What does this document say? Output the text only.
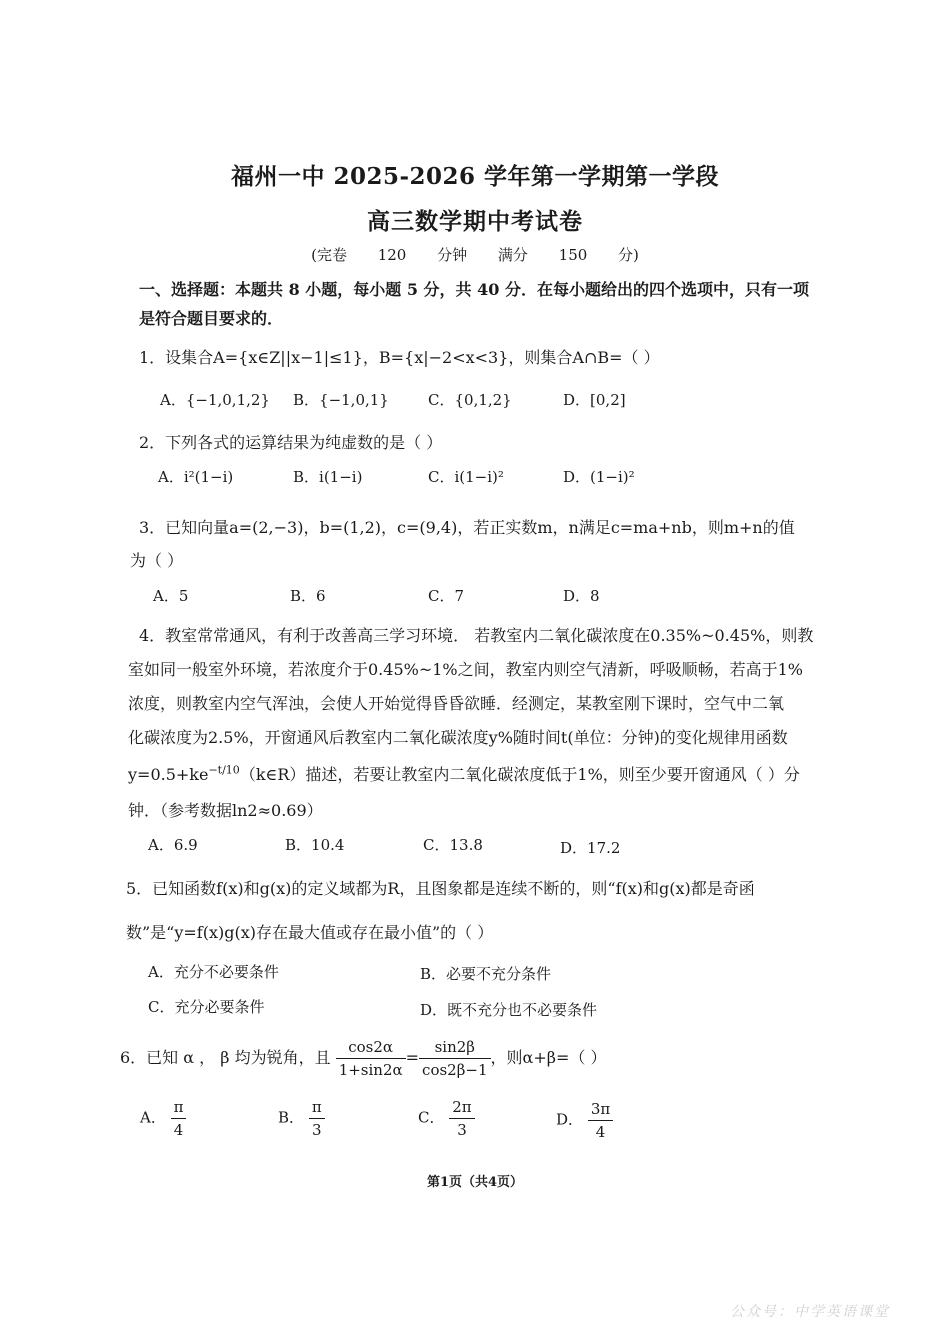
福州一中 2025-2026 学年第一学期第一学段
高三数学期中考试卷
(完卷 120 分钟 满分 150 分)
一、选择题：本题共 8 小题，每小题 5 分，共 40 分．在每小题给出的四个选项中，只有一项
是符合题目要求的．
1．设集合A={x∈Z||x−1|≤1}，B={x|−2<x<3}，则集合A∩B=（ ）
A．{−1,0,1,2} B．{−1,0,1}	C．{0,1,2}	D．[0,2]
2．下列各式的运算结果为纯虚数的是（ ）
A．i²(1−i)	B．i(1−i)	C．i(1−i)²	D．(1−i)²
3．已知向量a=(2,−3)，b=(1,2)，c=(9,4)，若正实数m，n满足c=ma+nb，则m+n的值
为（ ）
A．5	B．6	C．7	D．8
4．教室常常通风，有利于改善高三学习环境． 若教室内二氧化碳浓度在0.35%~0.45%，则教
室如同一般室外环境，若浓度介于0.45%~1%之间，教室内则空气清新，呼吸顺畅，若高于1%
浓度，则教室内空气浑浊，会使人开始觉得昏昏欲睡．经测定，某教室刚下课时，空气中二氧
化碳浓度为2.5%，开窗通风后教室内二氧化碳浓度y%随时间t(单位：分钟)的变化规律用函数
$y=0.5+ke^{-t/10}(k\in R)$描述，若要让教室内二氧化碳浓度低于1%，则至少要开窗通风（ ）分
钟．（参考数据ln2≈0.69）
A．6.9	B．10.4	C．13.8	D．17.2
5．已知函数f(x)和g(x)的定义域都为R，且图象都是连续不断的，则“f(x)和g(x)都是奇函
数”是“y=f(x)g(x)存在最大值或存在最小值”的（ ）
A．充分不必要条件	B．必要不充分条件
C．充分必要条件	D．既不充分也不必要条件
6．已知 α ， β 均为锐角，且 $\frac{\cos 2\alpha}{1+\sin 2\alpha} = \frac{\sin 2\beta}{\cos 2\beta-1}$ ，则α+β=（ ）
A． $\frac{\pi}{4}$	B． $\frac{\pi}{3}$	C． $\frac{2\pi}{3}$	D． $\frac{3\pi}{4}$
第1页（共4页）
公众号：中学英语课堂
